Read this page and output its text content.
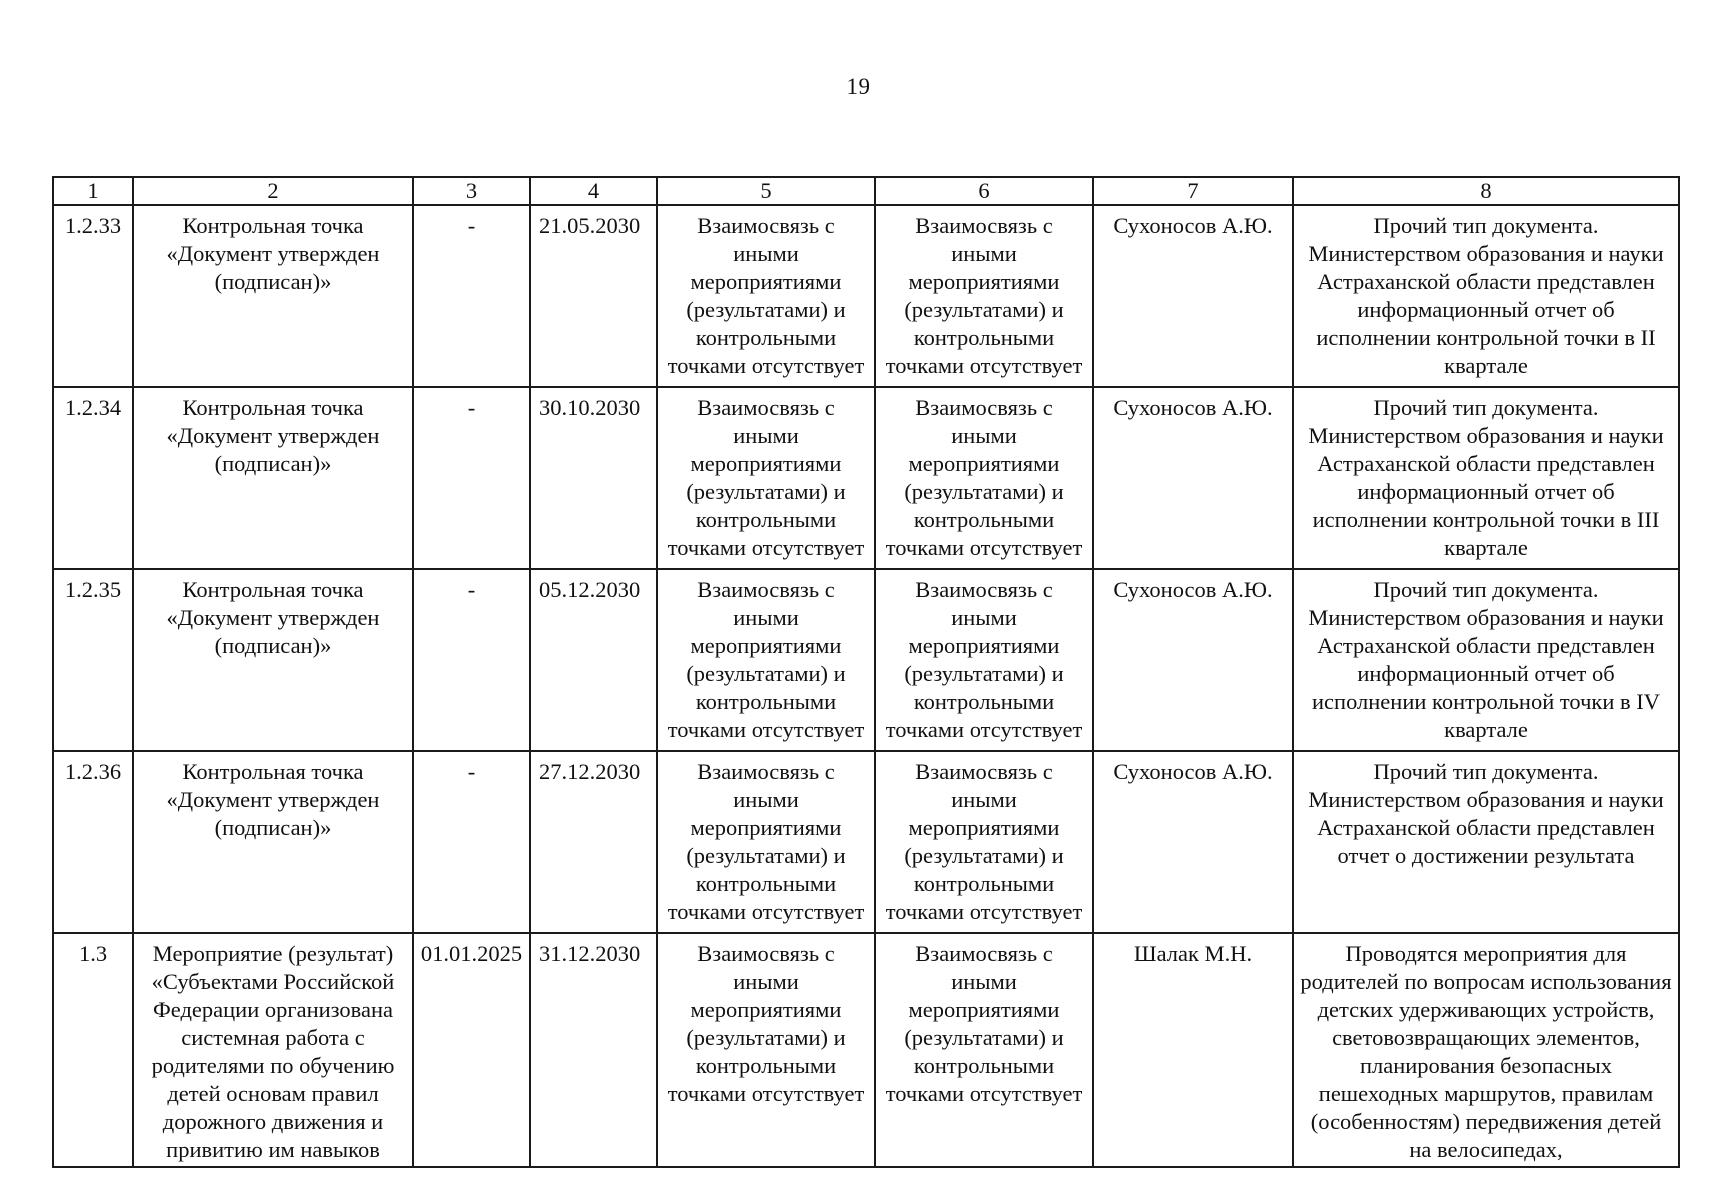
19
1	2	3	4	5	6	7	8
1.2.33	Контрольная точка «Документ утвержден (подписан)»	-	21.05.2030	Взаимосвязь с иными мероприятиями (результатами) и контрольными точками отсутствует	Взаимосвязь с иными мероприятиями (результатами) и контрольными точками отсутствует	Сухоносов А.Ю.	Прочий тип документа. Министерством образования и науки Астраханской области представлен информационный отчет об исполнении контрольной точки в II квартале
1.2.34	Контрольная точка «Документ утвержден (подписан)»	-	30.10.2030	Взаимосвязь с иными мероприятиями (результатами) и контрольными точками отсутствует	Взаимосвязь с иными мероприятиями (результатами) и контрольными точками отсутствует	Сухоносов А.Ю.	Прочий тип документа. Министерством образования и науки Астраханской области представлен информационный отчет об исполнении контрольной точки в III квартале
1.2.35	Контрольная точка «Документ утвержден (подписан)»	-	05.12.2030	Взаимосвязь с иными мероприятиями (результатами) и контрольными точками отсутствует	Взаимосвязь с иными мероприятиями (результатами) и контрольными точками отсутствует	Сухоносов А.Ю.	Прочий тип документа. Министерством образования и науки Астраханской области представлен информационный отчет об исполнении контрольной точки в IV квартале
1.2.36	Контрольная точка «Документ утвержден (подписан)»	-	27.12.2030	Взаимосвязь с иными мероприятиями (результатами) и контрольными точками отсутствует	Взаимосвязь с иными мероприятиями (результатами) и контрольными точками отсутствует	Сухоносов А.Ю.	Прочий тип документа. Министерством образования и науки Астраханской области представлен отчет о достижении результата
1.3	Мероприятие (результат) «Субъектами Российской Федерации организована системная работа с родителями по обучению детей основам правил дорожного движения и привитию им навыков	01.01.2025	31.12.2030	Взаимосвязь с иными мероприятиями (результатами) и контрольными точками отсутствует	Взаимосвязь с иными мероприятиями (результатами) и контрольными точками отсутствует	Шалак М.Н.	Проводятся мероприятия для родителей по вопросам использования детских удерживающих устройств, световозвращающих элементов, планирования безопасных пешеходных маршрутов, правилам (особенностям) передвижения детей на велосипедах,
